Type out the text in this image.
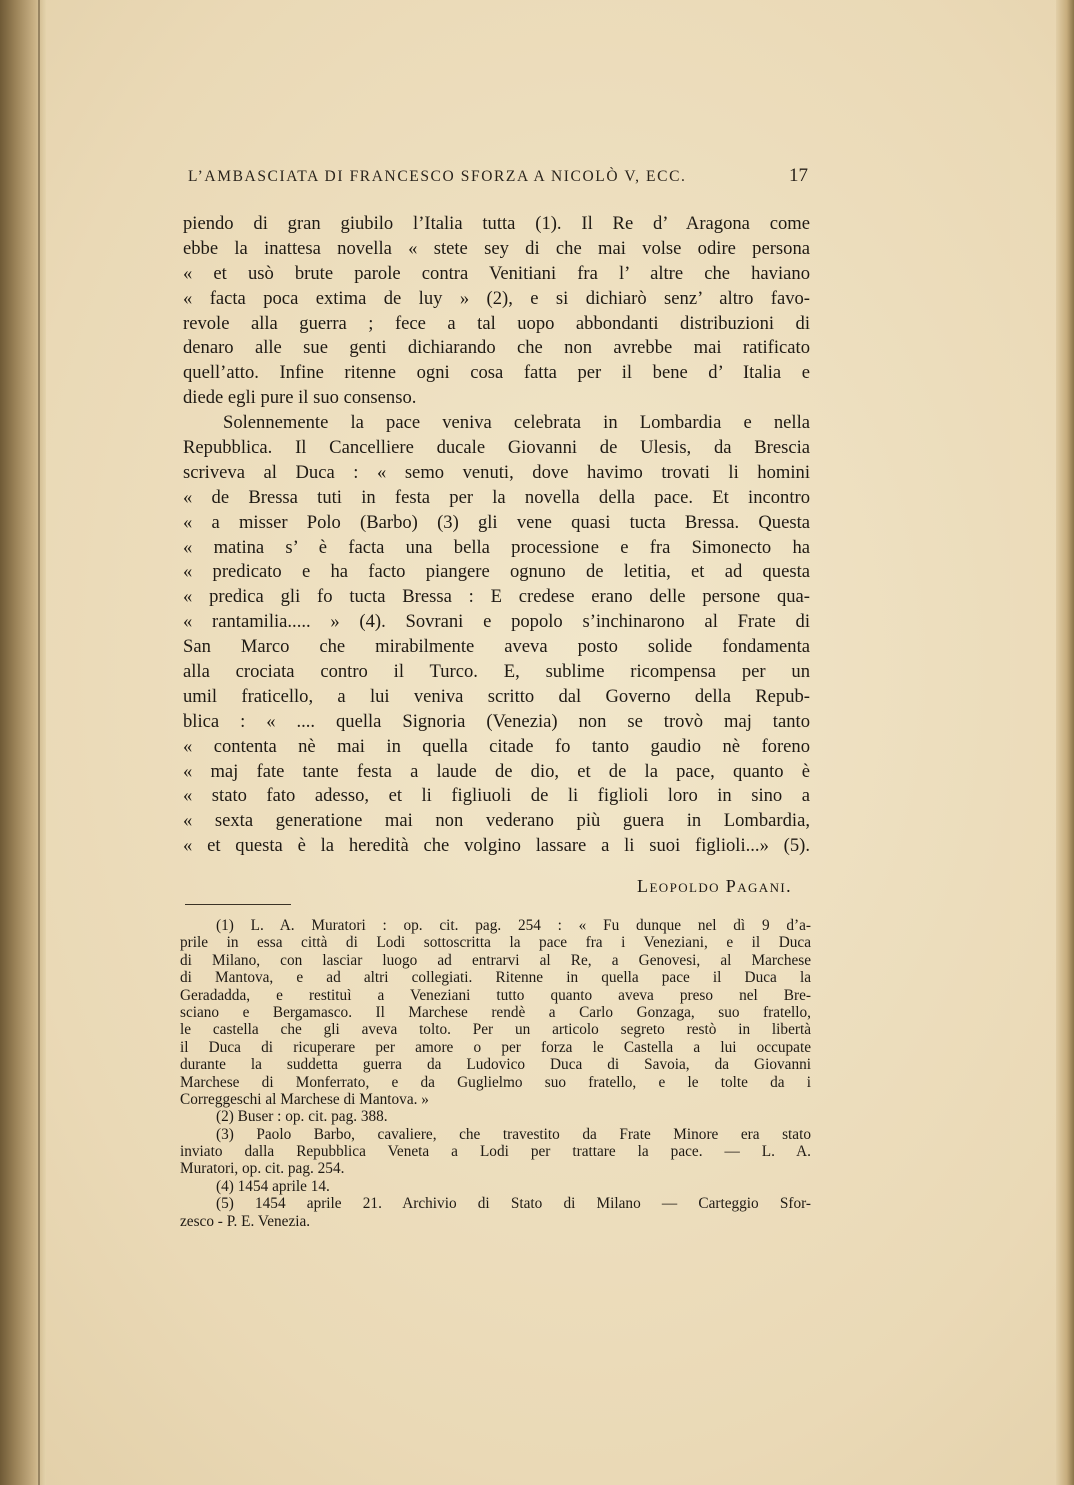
L’AMBASCIATA DI FRANCESCO SFORZA A NICOLÒ V, ECC.	17
piendo di gran giubilo l’Italia tutta (1). Il Re d’ Aragona come
ebbe la inattesa novella « stete sey di che mai volse odire persona
« et usò brute parole contra Venitiani fra l’ altre che haviano
« facta poca extima de luy » (2), e si dichiarò senz’ altro favo-
revole alla guerra ; fece a tal uopo abbondanti distribuzioni di
denaro alle sue genti dichiarando che non avrebbe mai ratificato
quell’atto. Infine ritenne ogni cosa fatta per il bene d’ Italia e
diede egli pure il suo consenso.
Solennemente la pace veniva celebrata in Lombardia e nella
Repubblica. Il Cancelliere ducale Giovanni de Ulesis, da Brescia
scriveva al Duca : « semo venuti, dove havimo trovati li homini
« de Bressa tuti in festa per la novella della pace. Et incontro
« a misser Polo (Barbo) (3) gli vene quasi tucta Bressa. Questa
« matina s’ è facta una bella processione e fra Simonecto ha
« predicato e ha facto piangere ognuno de letitia, et ad questa
« predica gli fo tucta Bressa : E credese erano delle persone qua-
« rantamilia..... » (4). Sovrani e popolo s’inchinarono al Frate di
San Marco che mirabilmente aveva posto solide fondamenta
alla crociata contro il Turco. E, sublime ricompensa per un
umil fraticello, a lui veniva scritto dal Governo della Repub-
blica : « .... quella Signoria (Venezia) non se trovò maj tanto
« contenta nè mai in quella citade fo tanto gaudio nè foreno
« maj fate tante festa a laude de dio, et de la pace, quanto è
« stato fato adesso, et li figliuoli de li figlioli loro in sino a
« sexta generatione mai non vederano più guera in Lombardia,
« et questa è la heredità che volgino lassare a li suoi figlioli...» (5).
Leopoldo Pagani.
(1) L. A. Muratori : op. cit. pag. 254 : « Fu dunque nel dì 9 d’a-
prile in essa città di Lodi sottoscritta la pace fra i Veneziani, e il Duca
di Milano, con lasciar luogo ad entrarvi al Re, a Genovesi, al Marchese
di Mantova, e ad altri collegiati. Ritenne in quella pace il Duca la
Geradadda, e restituì a Veneziani tutto quanto aveva preso nel Bre-
sciano e Bergamasco. Il Marchese rendè a Carlo Gonzaga, suo fratello,
le castella che gli aveva tolto. Per un articolo segreto restò in libertà
il Duca di ricuperare per amore o per forza le Castella a lui occupate
durante la suddetta guerra da Ludovico Duca di Savoia, da Giovanni
Marchese di Monferrato, e da Guglielmo suo fratello, e le tolte da i
Correggeschi al Marchese di Mantova. »
(2) Buser : op. cit. pag. 388.
(3) Paolo Barbo, cavaliere, che travestito da Frate Minore era stato
inviato dalla Repubblica Veneta a Lodi per trattare la pace. — L. A.
Muratori, op. cit. pag. 254.
(4) 1454 aprile 14.
(5) 1454 aprile 21. Archivio di Stato di Milano — Carteggio Sfor-
zesco - P. E. Venezia.
